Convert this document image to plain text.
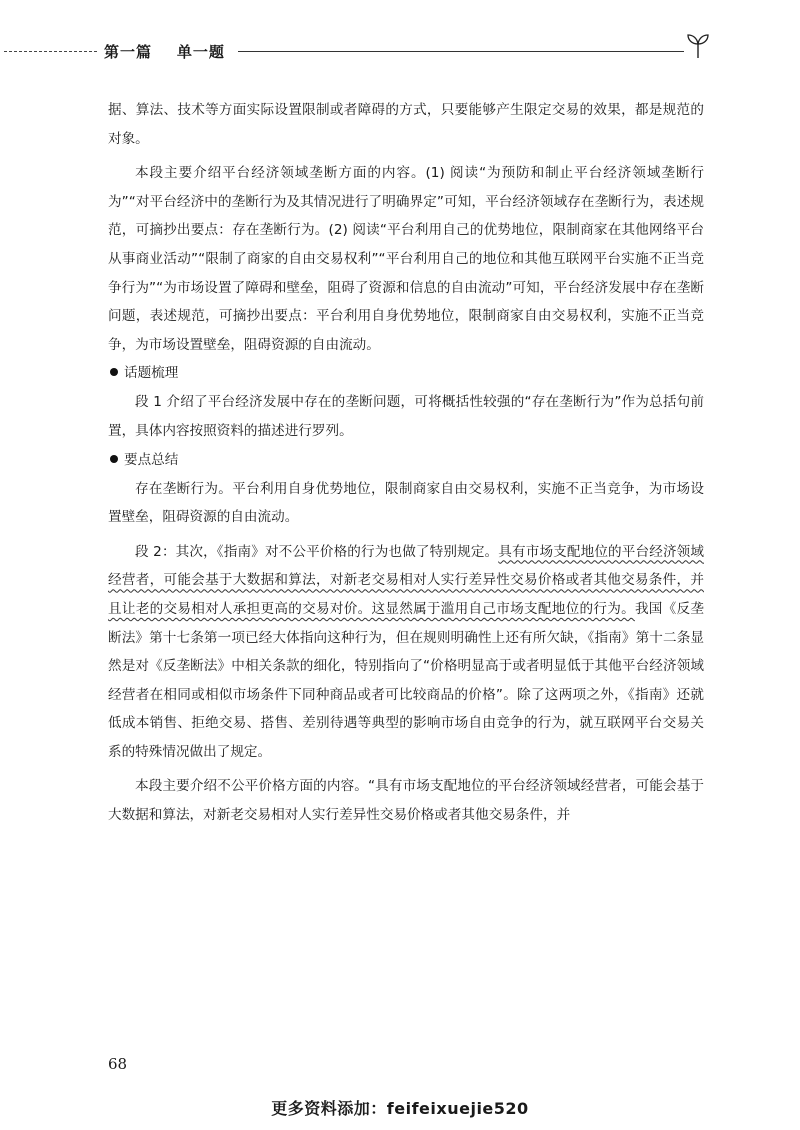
第一篇    单一题

据、算法、技术等方面实际设置限制或者障碍的方式，只要能够产生限定交易的效果，都是规范的对象。

本段主要介绍平台经济领域垄断方面的内容。(1) 阅读“为预防和制止平台经济领域垄断行为”“对平台经济中的垄断行为及其情况进行了明确界定”可知，平台经济领域存在垄断行为，表述规范，可摘抄出要点：存在垄断行为。(2) 阅读“平台利用自己的优势地位，限制商家在其他网络平台从事商业活动”“限制了商家的自由交易权利”“平台利用自己的地位和其他互联网平台实施不正当竞争行为”“为市场设置了障碍和壁垒，阻碍了资源和信息的自由流动”可知，平台经济发展中存在垄断问题，表述规范，可摘抄出要点：平台利用自身优势地位，限制商家自由交易权利，实施不正当竞争，为市场设置壁垒，阻碍资源的自由流动。

话题梳理

段 1 介绍了平台经济发展中存在的垄断问题，可将概括性较强的“存在垄断行为”作为总括句前置，具体内容按照资料的描述进行罗列。

要点总结

存在垄断行为。平台利用自身优势地位，限制商家自由交易权利，实施不正当竞争，为市场设置壁垒，阻碍资源的自由流动。

段 2：其次，《指南》对不公平价格的行为也做了特别规定。具有市场支配地位的平台经济领域经营者，可能会基于大数据和算法，对新老交易相对人实行差异性交易价格或者其他交易条件，并且让老的交易相对人承担更高的交易对价。这显然属于滥用自己市场支配地位的行为。我国《反垄断法》第十七条第一项已经大体指向这种行为，但在规则明确性上还有所欠缺，《指南》第十二条显然是对《反垄断法》中相关条款的细化，特别指向了“价格明显高于或者明显低于其他平台经济领域经营者在相同或相似市场条件下同种商品或者可比较商品的价格”。除了这两项之外，《指南》还就低成本销售、拒绝交易、搭售、差别待遇等典型的影响市场自由竞争的行为，就互联网平台交易关系的特殊情况做出了规定。

本段主要介绍不公平价格方面的内容。“具有市场支配地位的平台经济领域经营者，可能会基于大数据和算法，对新老交易相对人实行差异性交易价格或者其他交易条件，并

68
更多资料添加：feifeixuejie520
